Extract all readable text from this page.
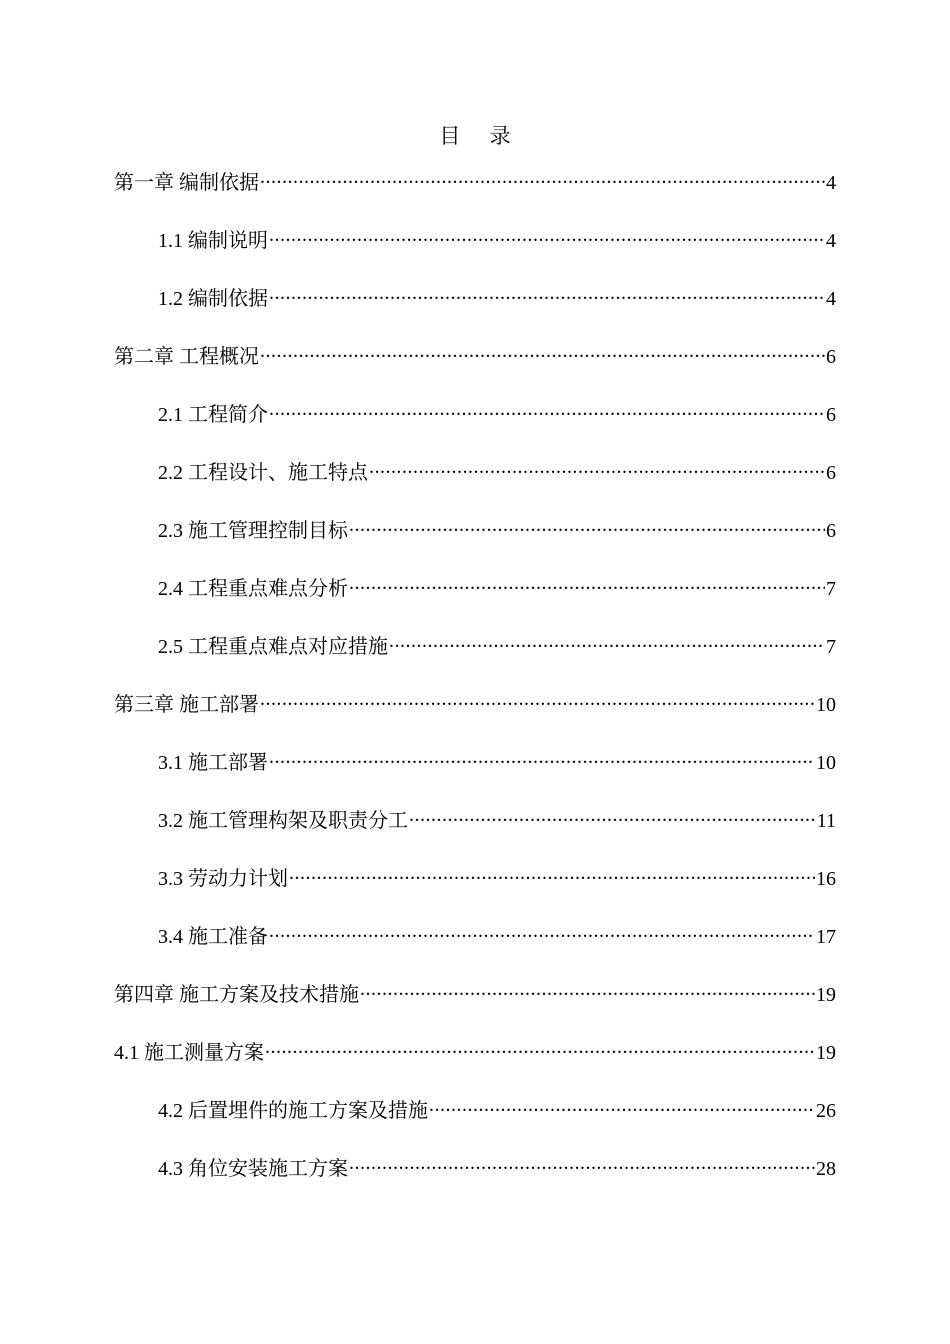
目 录
第一章 编制依据 .....	4
1.1 编制说明 .....	4
1.2 编制依据 .....	4
第二章 工程概况 .....	6
2.1 工程简介 .....	6
2.2 工程设计、施工特点 .....	6
2.3 施工管理控制目标 .....	6
2.4 工程重点难点分析 .....	7
2.5 工程重点难点对应措施 .....	7
第三章 施工部署 .....	10
3.1 施工部署 .....	10
3.2 施工管理构架及职责分工 .....	11
3.3 劳动力计划 .....	16
3.4 施工准备 .....	17
第四章 施工方案及技术措施 .....	19
4.1 施工测量方案 .....	19
4.2 后置埋件的施工方案及措施 .....	26
4.3 角位安装施工方案 .....	28
